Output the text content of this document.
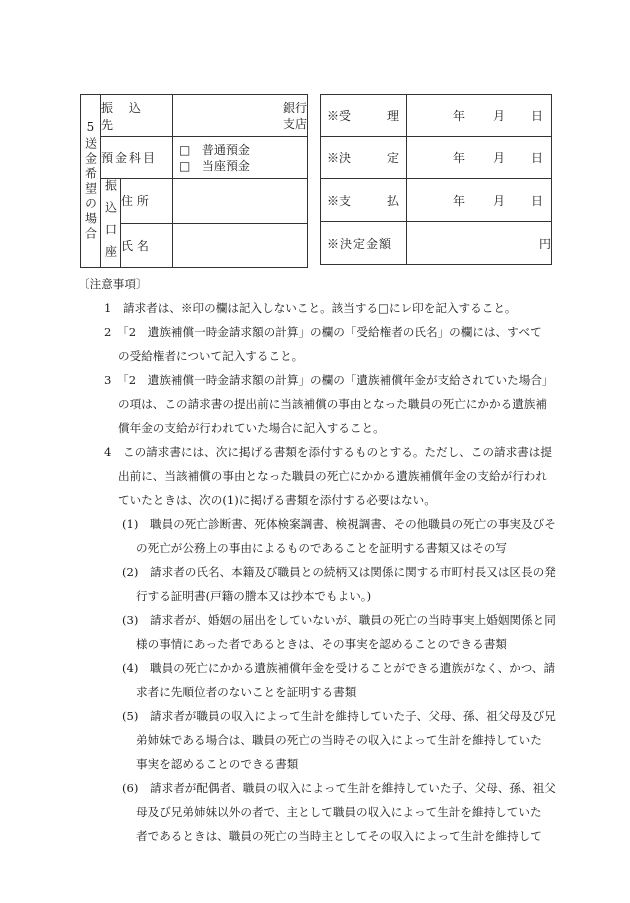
5送金希望の場合	振 込 先		銀行
支店

	預金科目		□ 普通預金
□ 当座預金

	振込口座	住 所	
		氏 名	
※受　　　理	年 月 日

※決　　　定	年 月 日

※支　　　払	年 月 日

※決定金額	円
〔注意事項〕
1　請求者は、※印の欄は記入しないこと。該当する□にレ印を記入すること。
2　「2　遺族補償一時金請求額の計算」の欄の「受給権者の氏名」の欄には、すべて
の受給権者について記入すること。
3　「2　遺族補償一時金請求額の計算」の欄の「遺族補償年金が支給されていた場合」
の項は、この請求書の提出前に当該補償の事由となった職員の死亡にかかる遺族補
償年金の支給が行われていた場合に記入すること。
4　この請求書には、次に掲げる書類を添付するものとする。ただし、この請求書は提
出前に、当該補償の事由となった職員の死亡にかかる遺族補償年金の支給が行われ
ていたときは、次の(1)に掲げる書類を添付する必要はない。
(1)　職員の死亡診断書、死体検案調書、検視調書、その他職員の死亡の事実及びそ
の死亡が公務上の事由によるものであることを証明する書類又はその写
(2)　請求者の氏名、本籍及び職員との続柄又は関係に関する市町村長又は区長の発
行する証明書(戸籍の謄本又は抄本でもよい。)
(3)　請求者が、婚姻の届出をしていないが、職員の死亡の当時事実上婚姻関係と同
様の事情にあった者であるときは、その事実を認めることのできる書類
(4)　職員の死亡にかかる遺族補償年金を受けることができる遺族がなく、かつ、請
求者に先順位者のないことを証明する書類
(5)　請求者が職員の収入によって生計を維持していた子、父母、孫、祖父母及び兄
弟姉妹である場合は、職員の死亡の当時その収入によって生計を維持していた
事実を認めることのできる書類
(6)　請求者が配偶者、職員の収入によって生計を維持していた子、父母、孫、祖父
母及び兄弟姉妹以外の者で、主として職員の収入によって生計を維持していた
者であるときは、職員の死亡の当時主としてその収入によって生計を維持して
